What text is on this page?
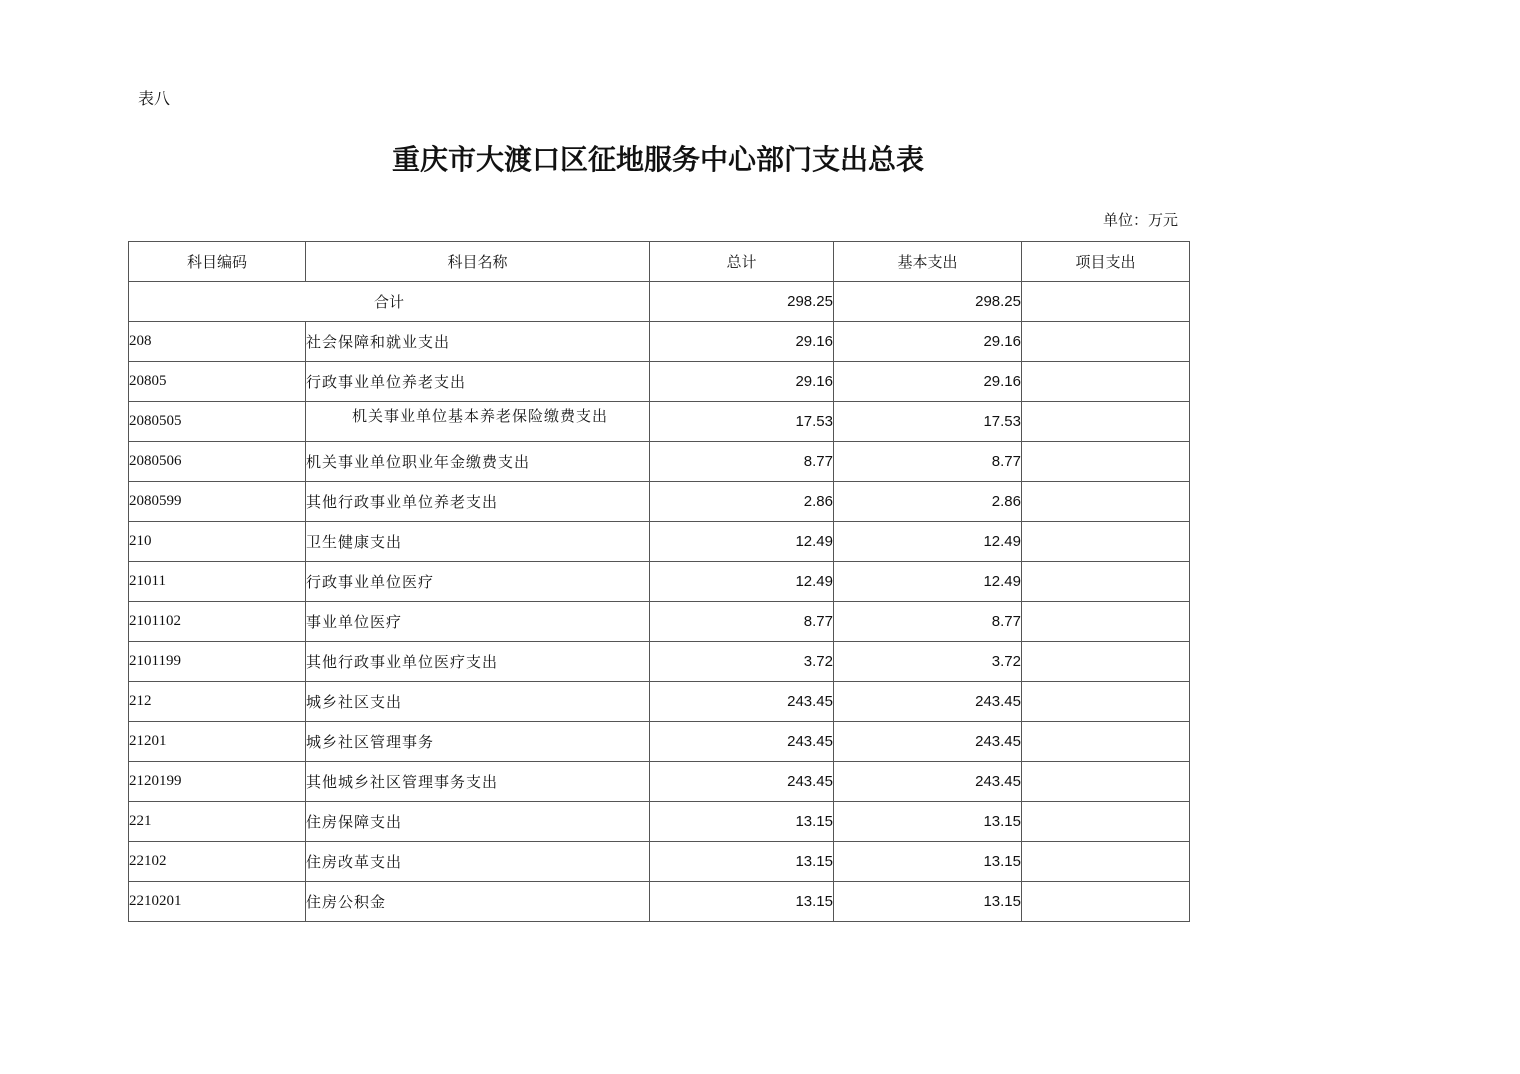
表八
重庆市大渡口区征地服务中心部门支出总表
单位：万元
科目编码	科目名称	总计	基本支出	项目支出
合计		298.25	298.25	
208	社会保障和就业支出	29.16	29.16	
20805	行政事业单位养老支出	29.16	29.16	
2080505	机关事业单位基本养老保险缴费支出	17.53	17.53	
2080506	机关事业单位职业年金缴费支出	8.77	8.77	
2080599	其他行政事业单位养老支出	2.86	2.86	
210	卫生健康支出	12.49	12.49	
21011	行政事业单位医疗	12.49	12.49	
2101102	事业单位医疗	8.77	8.77	
2101199	其他行政事业单位医疗支出	3.72	3.72	
212	城乡社区支出	243.45	243.45	
21201	城乡社区管理事务	243.45	243.45	
2120199	其他城乡社区管理事务支出	243.45	243.45	
221	住房保障支出	13.15	13.15	
22102	住房改革支出	13.15	13.15	
2210201	住房公积金	13.15	13.15	
